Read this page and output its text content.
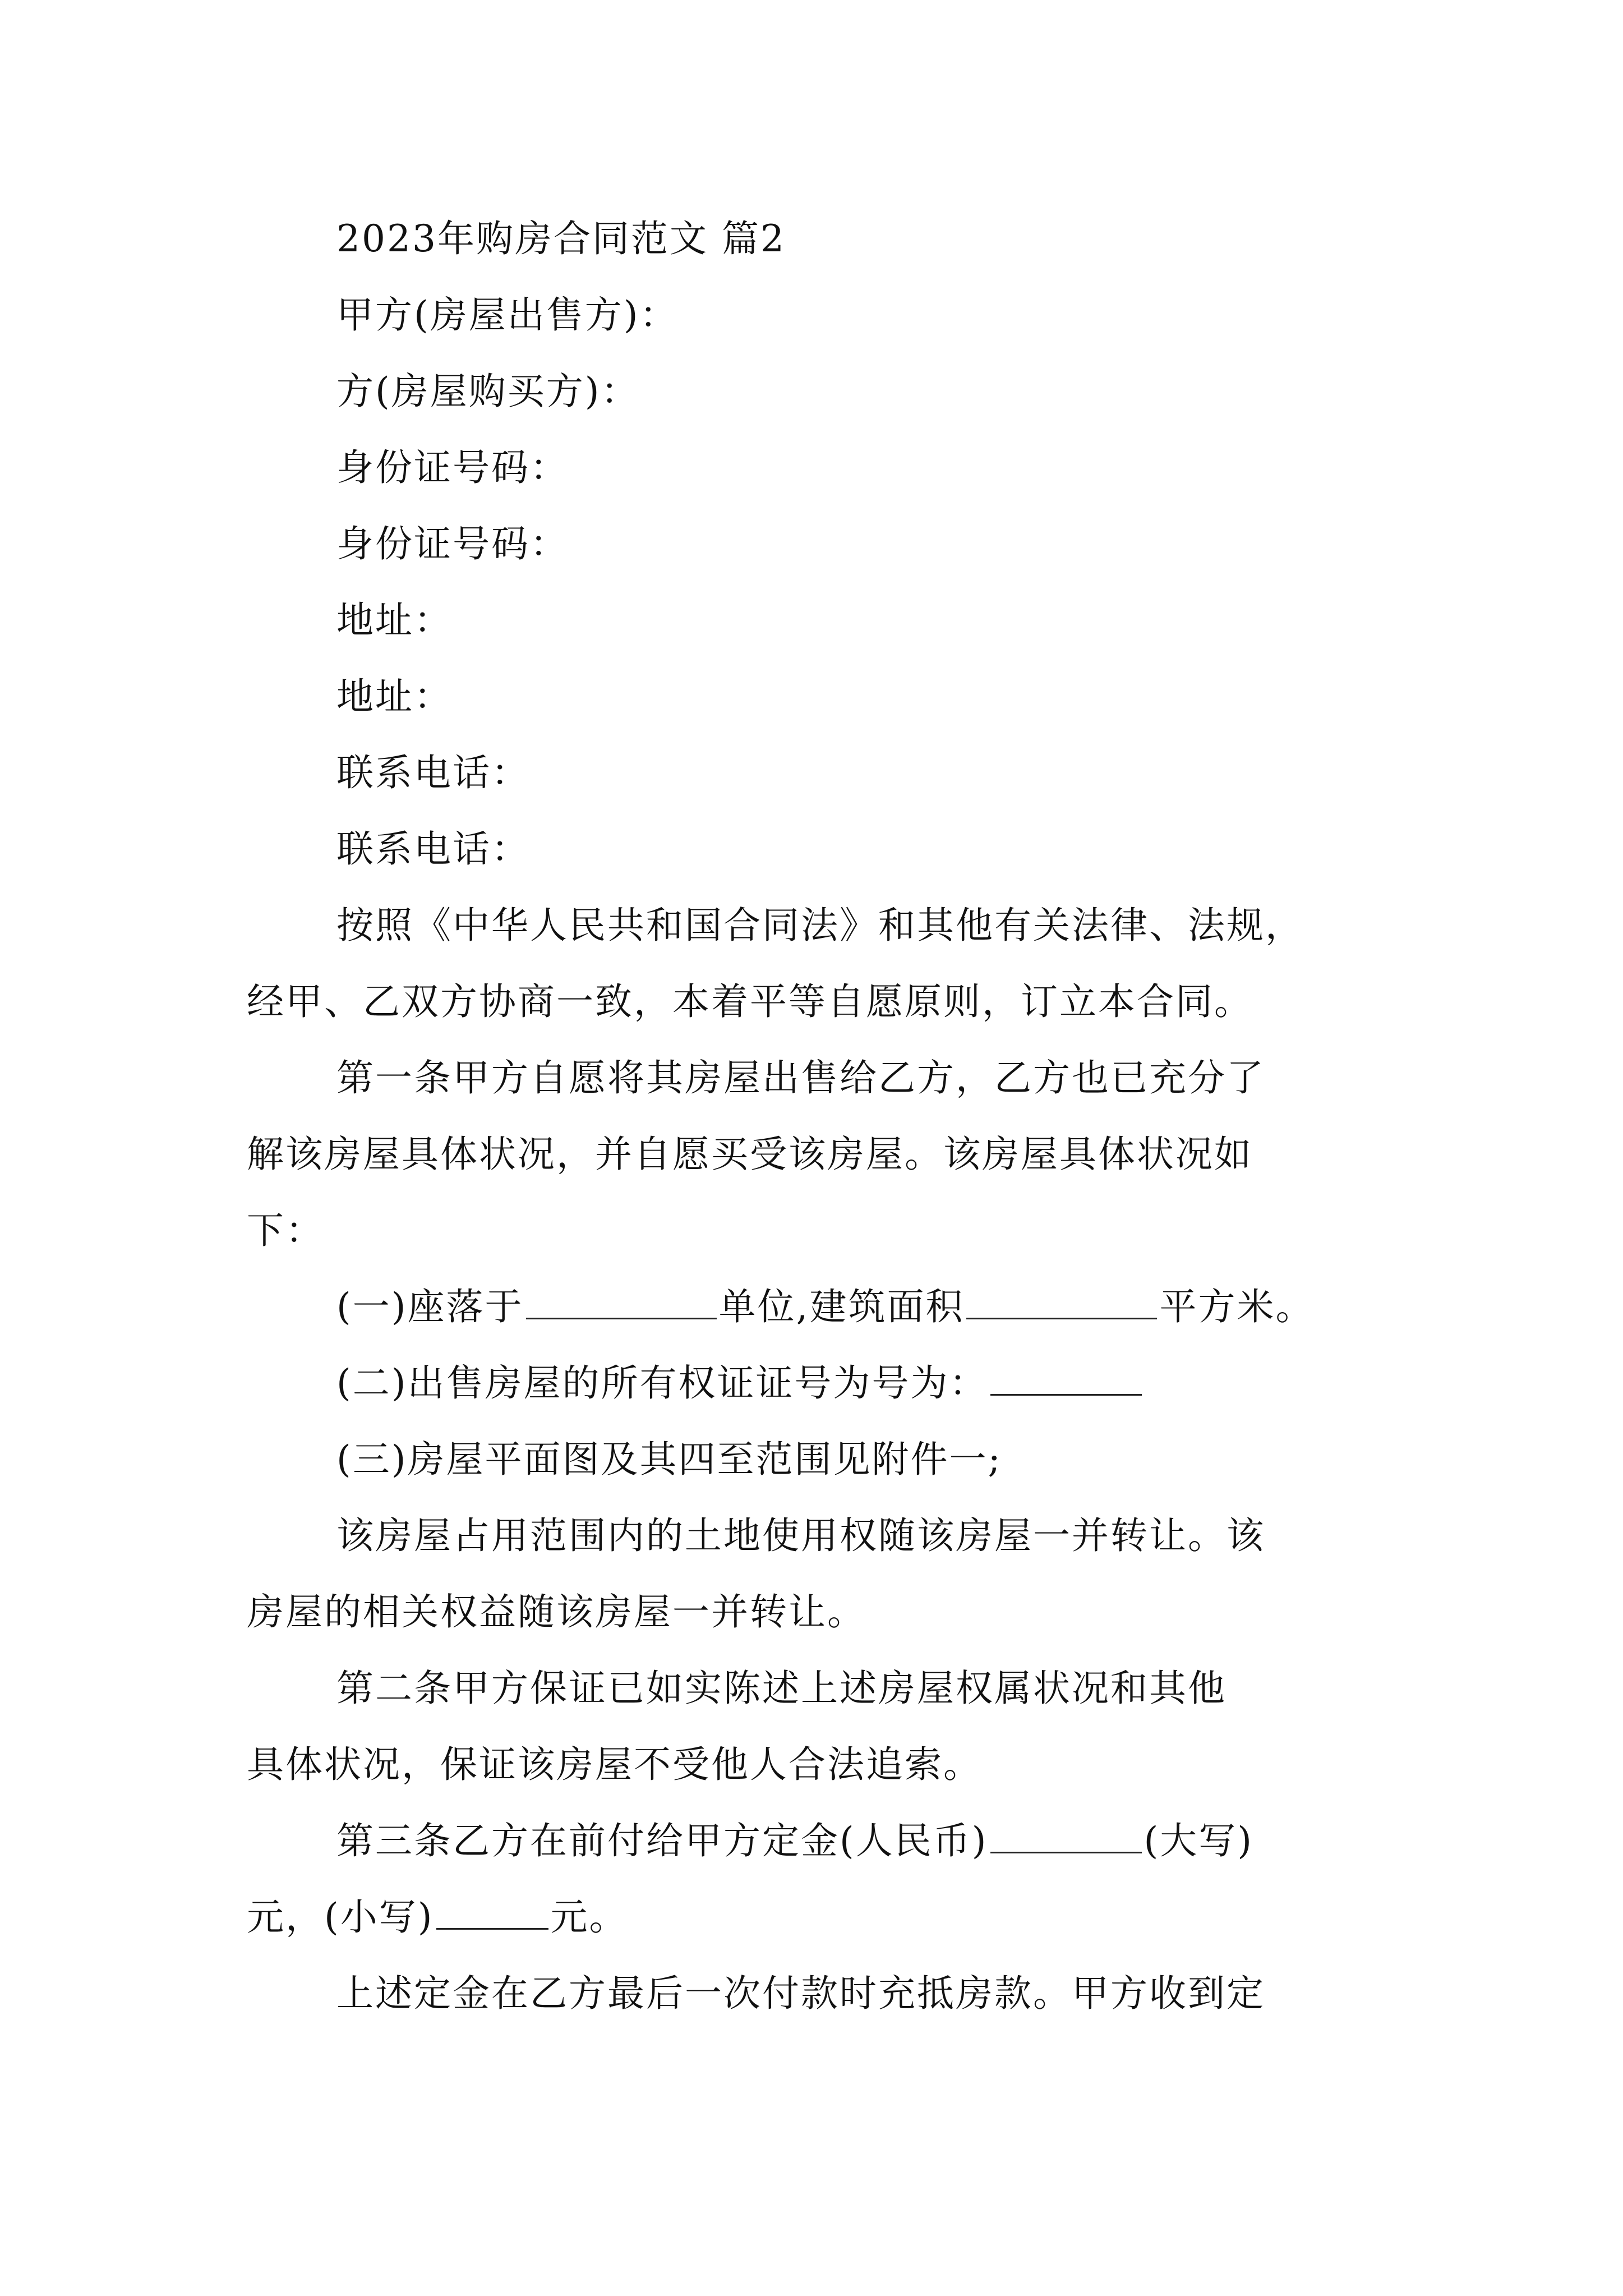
2023年购房合同范文 篇2
甲方(房屋出售方)：
方(房屋购买方)：
身份证号码：
身份证号码：
地址：
地址：
联系电话：
联系电话：
按照《中华人民共和国合同法》和其他有关法律、法规，
经甲、乙双方协商一致，本着平等自愿原则，订立本合同。
第一条甲方自愿将其房屋出售给乙方，乙方也已充分了
解该房屋具体状况，并自愿买受该房屋。该房屋具体状况如
下：
(一)座落于	单位,建筑面积	平方米。
(二)出售房屋的所有权证证号为号为：
(三)房屋平面图及其四至范围见附件一;
该房屋占用范围内的土地使用权随该房屋一并转让。该
房屋的相关权益随该房屋一并转让。
第二条甲方保证已如实陈述上述房屋权属状况和其他
具体状况，保证该房屋不受他人合法追索。
第三条乙方在前付给甲方定金(人民币)	(大写)
元，(小写)	元。
上述定金在乙方最后一次付款时充抵房款。甲方收到定
